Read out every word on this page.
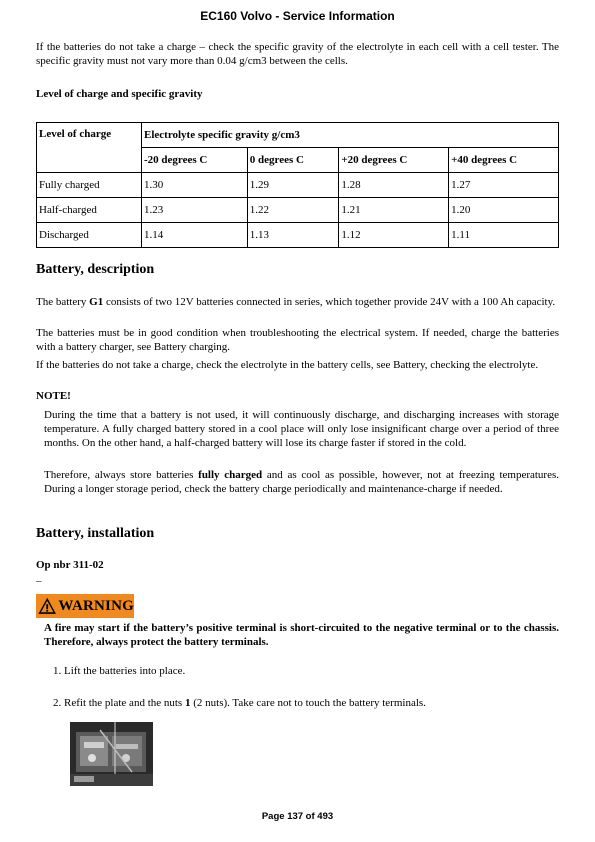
EC160 Volvo - Service Information

If the batteries do not take a charge – check the specific gravity of the electrolyte in each cell with a cell tester. The specific gravity must not vary more than 0.04 g/cm3 between the cells.

Level of charge and specific gravity

Level of charge	Electrolyte specific gravity g/cm3			
	-20 degrees C	0 degrees C	+20 degrees C	+40 degrees C
Fully charged	1.30	1.29	1.28	1.27
Half-charged	1.23	1.22	1.21	1.20
Discharged	1.14	1.13	1.12	1.11

Battery, description

The battery G1 consists of two 12V batteries connected in series, which together provide 24V with a 100 Ah capacity.

The batteries must be in good condition when troubleshooting the electrical system. If needed, charge the batteries with a battery charger, see Battery charging.

If the batteries do not take a charge, check the electrolyte in the battery cells, see Battery, checking the electrolyte.

NOTE!

During the time that a battery is not used, it will continuously discharge, and discharging increases with storage temperature. A fully charged battery stored in a cool place will only lose insignificant charge over a period of three months. On the other hand, a half-charged battery will lose its charge faster if stored in the cold.

Therefore, always store batteries fully charged and as cool as possible, however, not at freezing temperatures. During a longer storage period, check the battery charge periodically and maintenance-charge if needed.

Battery, installation

Op nbr 311-02

–

WARNING

A fire may start if the battery’s positive terminal is short-circuited to the negative terminal or to the chassis. Therefore, always protect the battery terminals.

1. Lift the batteries into place.

2. Refit the plate and the nuts 1 (2 nuts). Take care not to touch the battery terminals.

Page 137 of 493
